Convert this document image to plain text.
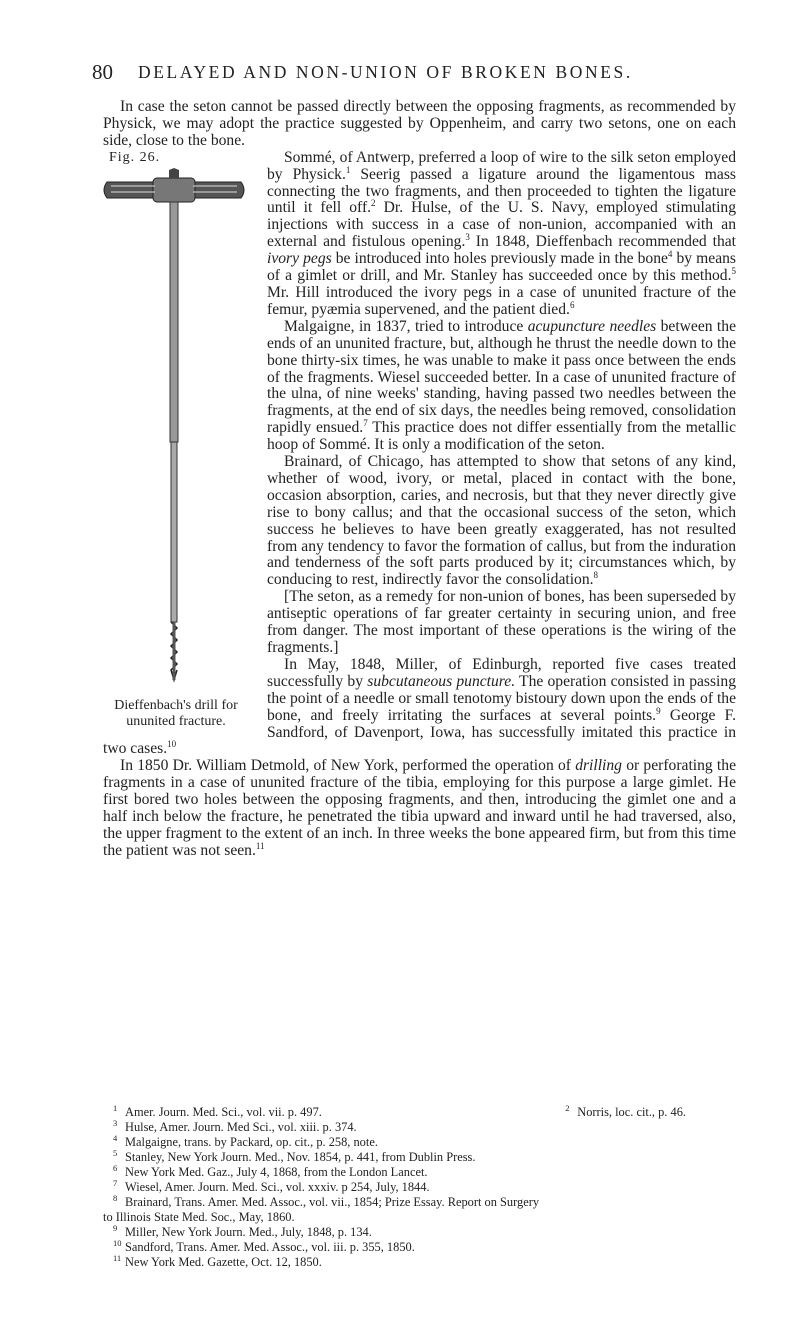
80 DELAYED AND NON-UNION OF BROKEN BONES.

In case the seton cannot be passed directly between the opposing fragments, as recommended by Physick, we may adopt the practice suggested by Oppenheim, and carry two setons, one on each side, close to the bone.

Fig. 26.
Dieffenbach's drill for ununited fracture.

Sommé, of Antwerp, preferred a loop of wire to the silk seton employed by Physick.$^1$ Seerig passed a ligature around the ligamentous mass connecting the two fragments, and then proceeded to tighten the ligature until it fell off.$^2$ Dr. Hulse, of the U. S. Navy, employed stimulating injections with success in a case of non-union, accompanied with an external and fistulous opening.$^3$ In 1848, Dieffenbach recommended that ivory pegs be introduced into holes previously made in the bone$^4$ by means of a gimlet or drill, and Mr. Stanley has succeeded once by this method.$^5$ Mr. Hill introduced the ivory pegs in a case of ununited fracture of the femur, pyæmia supervened, and the patient died.$^6$

Malgaigne, in 1837, tried to introduce acupuncture needles between the ends of an ununited fracture, but, although he thrust the needle down to the bone thirty-six times, he was unable to make it pass once between the ends of the fragments. Wiesel succeeded better. In a case of ununited fracture of the ulna, of nine weeks' standing, having passed two needles between the fragments, at the end of six days, the needles being removed, consolidation rapidly ensued.$^7$ This practice does not differ essentially from the metallic hoop of Sommé. It is only a modification of the seton.

Brainard, of Chicago, has attempted to show that setons of any kind, whether of wood, ivory, or metal, placed in contact with the bone, occasion absorption, caries, and necrosis, but that they never directly give rise to bony callus; and that the occasional success of the seton, which success he believes to have been greatly exaggerated, has not resulted from any tendency to favor the formation of callus, but from the induration and tenderness of the soft parts produced by it; circumstances which, by conducing to rest, indirectly favor the consolidation.$^8$

[The seton, as a remedy for non-union of bones, has been superseded by antiseptic operations of far greater certainty in securing union, and free from danger. The most important of these operations is the wiring of the fragments.]

In May, 1848, Miller, of Edinburgh, reported five cases treated successfully by subcutaneous puncture. The operation consisted in passing the point of a needle or small tenotomy bistoury down upon the ends of the bone, and freely irritating the surfaces at several points.$^9$ George F. Sandford, of Davenport, Iowa, has successfully imitated this practice in two cases.$^{10}$

In 1850 Dr. William Detmold, of New York, performed the operation of drilling or perforating the fragments in a case of ununited fracture of the tibia, employing for this purpose a large gimlet. He first bored two holes between the opposing fragments, and then, introducing the gimlet one and a half inch below the fracture, he penetrated the tibia upward and inward until he had traversed, also, the upper fragment to the extent of an inch. In three weeks the bone appeared firm, but from this time the patient was not seen.$^{11}$

1 Amer. Journ. Med. Sci., vol. vii. p. 497.	2 Norris, loc. cit., p. 46.
3 Hulse, Amer. Journ. Med Sci., vol. xiii. p. 374.
4 Malgaigne, trans. by Packard, op. cit., p. 258, note.
5 Stanley, New York Journ. Med., Nov. 1854, p. 441, from Dublin Press.
6 New York Med. Gaz., July 4, 1868, from the London Lancet.
7 Wiesel, Amer. Journ. Med. Sci., vol. xxxiv. p 254, July, 1844.
8 Brainard, Trans. Amer. Med. Assoc., vol. vii., 1854; Prize Essay. Report on Surgery
to Illinois State Med. Soc., May, 1860.
9 Miller, New York Journ. Med., July, 1848, p. 134.
10 Sandford, Trans. Amer. Med. Assoc., vol. iii. p. 355, 1850.
11 New York Med. Gazette, Oct. 12, 1850.
